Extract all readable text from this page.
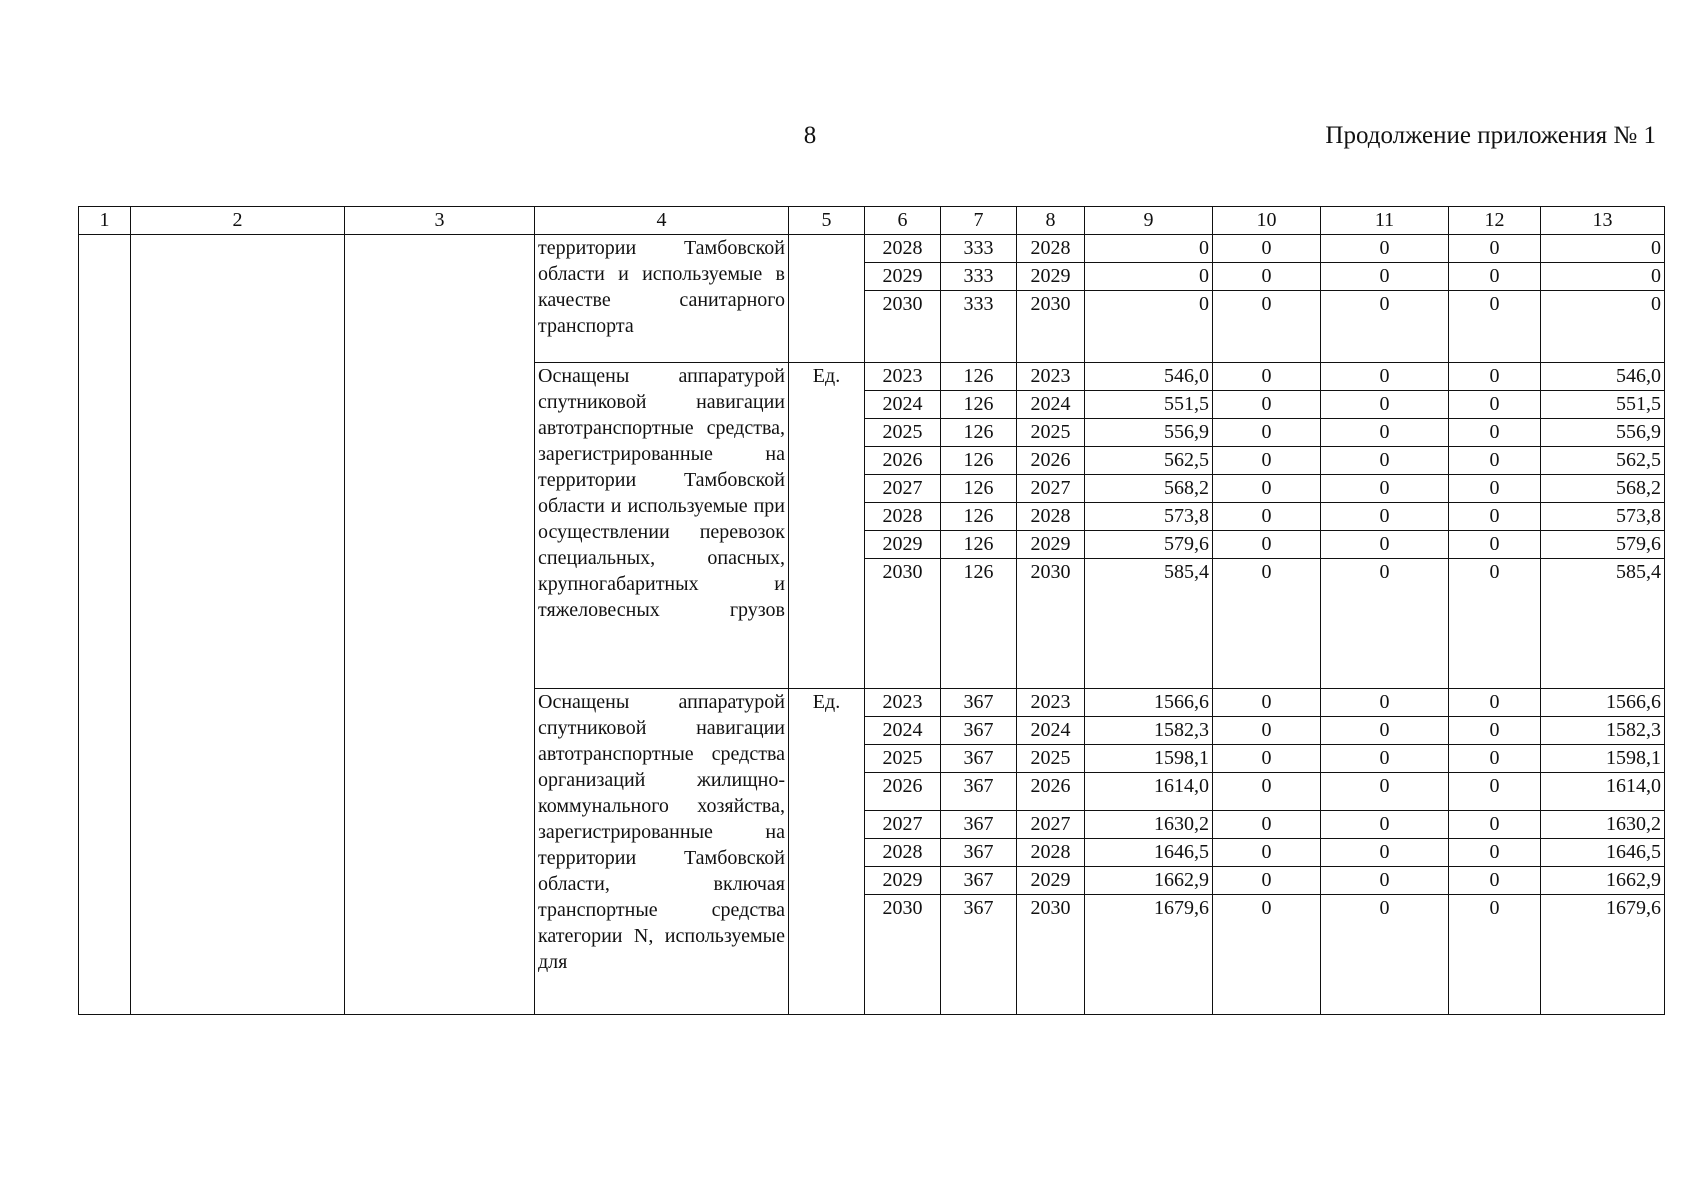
8	Продолжение приложения № 1
1	2	3	4	5	6	7	8	9	10	11	12	13
			территории Тамбовской области и используемые в качестве санитарного транспорта		2028	333	2028	0	0	0	0	0
					2029	333	2029	0	0	0	0	0
					2030	333	2030	0	0	0	0	0
			Оснащены аппаратурой спутниковой навигации автотранспортные средства, зарегистрированные на территории Тамбовской области и используемые при осуществлении перевозок специальных, опасных, крупногабаритных и тяжеловесных грузов	Ед.	2023	126	2023	546,0	0	0	0	546,0
					2024	126	2024	551,5	0	0	0	551,5
					2025	126	2025	556,9	0	0	0	556,9
					2026	126	2026	562,5	0	0	0	562,5
					2027	126	2027	568,2	0	0	0	568,2
					2028	126	2028	573,8	0	0	0	573,8
					2029	126	2029	579,6	0	0	0	579,6
					2030	126	2030	585,4	0	0	0	585,4
			Оснащены аппаратурой спутниковой навигации автотранспортные средства организаций жилищно-коммунального хозяйства, зарегистрированные на территории Тамбовской области, включая транспортные средства категории N, используемые для	Ед.	2023	367	2023	1566,6	0	0	0	1566,6
					2024	367	2024	1582,3	0	0	0	1582,3
					2025	367	2025	1598,1	0	0	0	1598,1
					2026	367	2026	1614,0	0	0	0	1614,0
					2027	367	2027	1630,2	0	0	0	1630,2
					2028	367	2028	1646,5	0	0	0	1646,5
					2029	367	2029	1662,9	0	0	0	1662,9
					2030	367	2030	1679,6	0	0	0	1679,6
